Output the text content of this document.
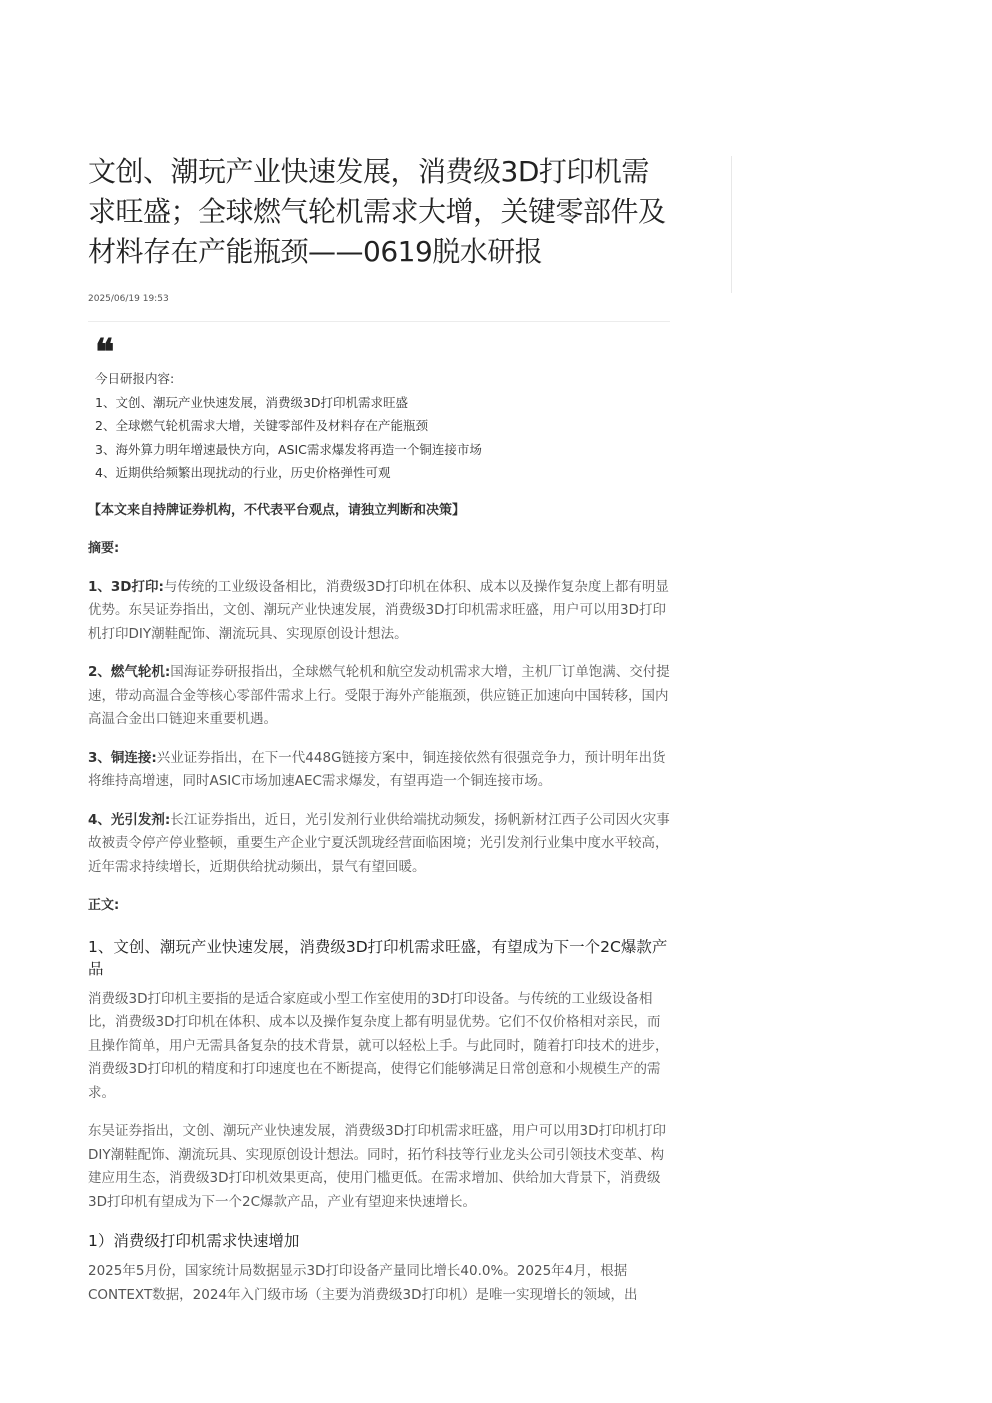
文创、潮玩产业快速发展，消费级3D打印机需求旺盛；全球燃气轮机需求大增，关键零部件及材料存在产能瓶颈——0619脱水研报
2025/06/19 19:53
❝
今日研报内容:
1、文创、潮玩产业快速发展，消费级3D打印机需求旺盛
2、全球燃气轮机需求大增，关键零部件及材料存在产能瓶颈
3、海外算力明年增速最快方向，ASIC需求爆发将再造一个铜连接市场
4、近期供给频繁出现扰动的行业，历史价格弹性可观

【本文来自持牌证券机构，不代表平台观点，请独立判断和决策】

摘要:

1、3D打印:与传统的工业级设备相比，消费级3D打印机在体积、成本以及操作复杂度上都有明显优势。东吴证券指出，文创、潮玩产业快速发展，消费级3D打印机需求旺盛，用户可以用3D打印机打印DIY潮鞋配饰、潮流玩具、实现原创设计想法。

2、燃气轮机:国海证券研报指出，全球燃气轮机和航空发动机需求大增，主机厂订单饱满、交付提速，带动高温合金等核心零部件需求上行。受限于海外产能瓶颈，供应链正加速向中国转移，国内高温合金出口链迎来重要机遇。

3、铜连接:兴业证券指出，在下一代448G链接方案中，铜连接依然有很强竞争力，预计明年出货将维持高增速，同时ASIC市场加速AEC需求爆发，有望再造一个铜连接市场。

4、光引发剂:长江证券指出，近日，光引发剂行业供给端扰动频发，扬帆新材江西子公司因火灾事故被责令停产停业整顿，重要生产企业宁夏沃凯珑经营面临困境；光引发剂行业集中度水平较高，近年需求持续增长，近期供给扰动频出，景气有望回暖。

正文:

1、文创、潮玩产业快速发展，消费级3D打印机需求旺盛，有望成为下一个2C爆款产品

消费级3D打印机主要指的是适合家庭或小型工作室使用的3D打印设备。与传统的工业级设备相比，消费级3D打印机在体积、成本以及操作复杂度上都有明显优势。它们不仅价格相对亲民，而且操作简单，用户无需具备复杂的技术背景，就可以轻松上手。与此同时，随着打印技术的进步，消费级3D打印机的精度和打印速度也在不断提高，使得它们能够满足日常创意和小规模生产的需求。

东吴证券指出，文创、潮玩产业快速发展，消费级3D打印机需求旺盛，用户可以用3D打印机打印DIY潮鞋配饰、潮流玩具、实现原创设计想法。同时，拓竹科技等行业龙头公司引领技术变革、构建应用生态，消费级3D打印机效果更高，使用门槛更低。在需求增加、供给加大背景下，消费级3D打印机有望成为下一个2C爆款产品，产业有望迎来快速增长。

1）消费级打印机需求快速增加

2025年5月份，国家统计局数据显示3D打印设备产量同比增长40.0%。2025年4月，根据CONTEXT数据，2024年入门级市场（主要为消费级3D打印机）是唯一实现增长的领域，出
